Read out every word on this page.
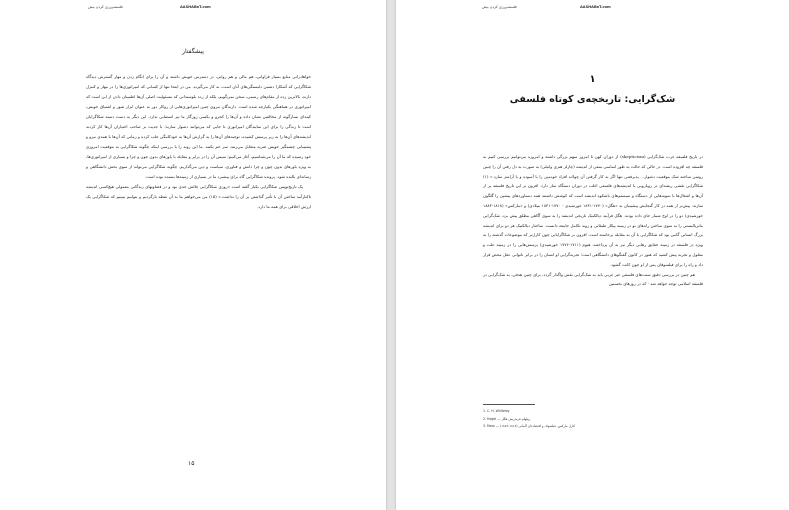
AASHABoT.com
فلسفه‌ورزی کردن بیش
پیشگفتار

خواهادرانی منابع بسیار فراوانی، هم مالی و هم روانی، در دسترس خویش داشته و آن را برای انگام زدن و مهار گسترش دیدگاه شکاگرایی که آشکارا دشمن دلبستگی‌های آنان است، به کار می‌گیرند. من در اینجا تنها از کسانی که امپراتوری‌ها را در مهار و کنترل دارند، بالاترین رده از مقام‌های رسمی، سخن نمی‌گویم، بلکه از رده بلوسندانی که مسئولیت اصلی آن‌ها اطمینان دادن از این است که امپراتوری در هماهنگی بکپارچه شده است. دارندگان نیروی چنین امپراتوری‌هایی از روکار دور به عنوان ابزار شور و اشتیاق خویش، کینه‌ای بسازگونه از مخالفین نشان داده و آن‌ها را کجرو و یکسی روزگار ما نیز استثنایی ندارد. این دیگر به دست دسته شکاگرایان است تا زندگی را برای این نمایندگان امپراتوری تا جایی که می‌توانند دشوار سازند؛ با جدیت بر صاحب اختیاران آن‌ها کار کردند اندیشه‌های آن‌ها را به زیر پرسش کشیده، توجیه‌های آن‌ها را به گزارش آن‌ها به خودکامگی جلب کرده و زمانی که آن‌ها با همه‌ی نیرو و پشتیبانی چشمگیر خویش ضربه متقابل می‌زنند، سر خم نکنند. ما این روند را با بررسی اینکه چگونه شکاگرایی به موقعیت امروزی خود رسیده که ما آن را می‌شناسیم، آغاز می‌کنیم؛ سپس آن را در برابر و مقابله با باورهای بدون چون و چرا و بسیاری از امپراتوری‌ها، به ویژه باورهای بدون چون و چرا دانش و فناوری، سیاست و دین می‌گذاریم. چگونه شکاگرایی می‌تواند از سوی بخش دانشگاهی و رسانه‌ای بالنده شود. پرونده شکاگرایی گاه برای پیشبرد ما در بسیاری از زمینه‌ها بسنده بوده است.

یک تاریخ‌نویس شکاگرایی یکبار گفته است «روزی شکاگرایی چالش جدی بود و در فضاوتهای زندگانی معمولی هیچ‌کسی اندیشه تاکنارآمد ساختن آن با تأثیر گذاشتن بر آن را نداشت.» (۱۵) من می‌خواهم ما به آن نقطه بازگردیم و بتوانیم ببینیم که شکاگرایی یک ارزش اخلاقی برای همه ما دارد.

۱۵
AASHABoT.com
فلسفه‌ورزی کردن بیش
۱
شک‌گرایی: تاریخچه‌ی کوتاه فلسفی

در تاریخ فلسفه غرب شک‌گرایی (skepticism) از دوران کهن تا امروز سهم بزرگی داشته و امروزه می‌توانیم بررسی کنیم به فلسفه چه افزوده است. در حالی که حالت به طور اساسی منفی از اندیشه (چارلز هتری واتیلی) به صورت به دل رفتن آن را چنین روشن ساخته شک موقعیت دشوار... پذیرفتنی تنها اگر به کار گرفتن آن چولاند افراد خودمین را با آسوده و با آرامتر سازد.» (۱) شکاگرایی نقشی ریشه‌ای در رویارویی با اندیشه‌های فلسفی اغلب در دوران دستگاه ساز دارد. افزون بر این تاریخ فلسفه پر از آن‌ها و اشغال‌ها با نمونه‌هایی از دستگاه و سیستم‌های باشکوه اندیشه است که کوشش داشتند همه دستاوردهای پیشین را گلگون سازند: پیش‌تر از همه در کار گنجایش پیشینیان به «هگل» (۱۷۷۰-۱۸۳۱ خورشیدی - ۱۷۷۰-۱۸۳۱ میلادی) و «مارکس» (۱۸۱۸-۱۸۸۳ خورشیدی) دو را در اوج شمار جای داده بودند. هگل فرآیند دیالکتیک تاریخی اندیشه را به سوی آگاهی مطلق پیش برد، شک‌گرایی ماتریالیستی را به سوی ساختن راه‌های نو در زمینه پیکار طبقاتی و روند تکامل جامعه دانست. ساختار دیالکتیک هر دو برای اندیشه بزرگ انسانی گامی بود که شکاگرایی با آن به مقابله برخاسته است. افزون بر شکاگرایانی چون کارل‌تر که موضوعات گذشته را به ویژه در فلسفه در زمینه حقایق رهایی دیگر نیز به آن پرداختند، هیوم (۱۷۱۱-۱۷۷۶ خورشیدی) پرسش‌هایی را در زمینه علت و معلول و تجربه پیش کشید که هنوز در کانون گفتگوهای دانشگاهی است؛ تجربه‌گرایی او انسان را در برابر ناتوانی عقل محض قرار داد و راه را برای فیلسوفان پس از او چون کانت گشود.

هم چنین در بررسی دقیق سنت‌های فلسفی غیر غربی باید به شک‌گرایی نقش واگذار گردد، برای چنین هدفی، به شک‌گرایی در فلسفه اسلامی توجه خواهد شد - که در روزهای نخستین

1. C. H. Whiteley
2. Hegel — ویلهلم فریدریش هگل
3. Marx — کارل مارکس، فیلسوف و اقتصاددان آلمانی (۱۸۱۸-۱۸۸۳)
